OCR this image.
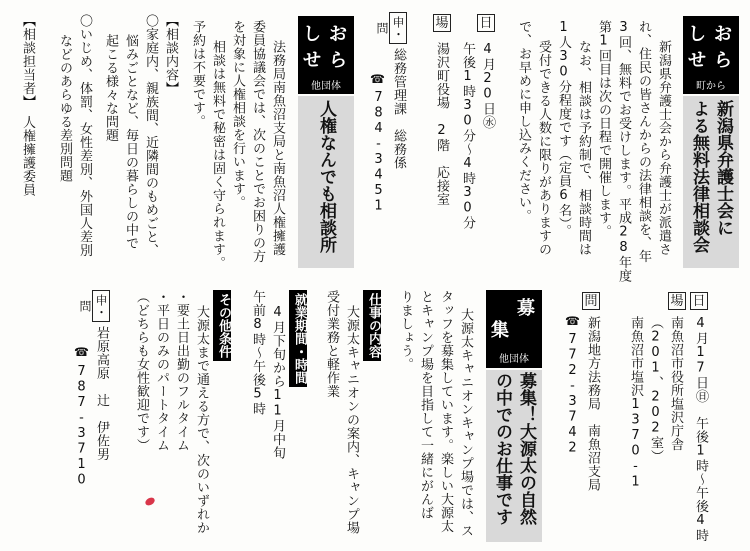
お
し
ら
せ
町から
新潟県弁護士会に
よる無料法律相談会
新潟県弁護士会から弁護士が派遣さ
れ、住民の皆さんからの法律相談を、年
3回、無料でお受けします。平成28年度
第1回目は次の日程で開催します。
なお、相談は予約制で、相談時間は
1人30分程度です（定員6名）。
受付できる人数に限りがありますの
で、お早めに申し込みください。
日
4月20日㊌
午後1時30分〜4時30分
場
湯沢町役場　2階　応接室
申・問
総務管理課　総務係
☎
784-3451
お
し
ら
せ
他団体
人権なんでも相談所
法務局南魚沼支局と南魚沼人権擁護
委員協議会では、次のことでお困りの方
を対象に人権相談を行います。
相談は無料で秘密は固く守られます。
予約は不要です。
【相談内容】
〇家庭内、親族間、近隣間のもめごと、
悩みごとなど、毎日の暮らしの中で
起こる様々な問題
〇いじめ、体罰、女性差別、外国人差別
などのあらゆる差別問題
【相談担当者】　人権擁護委員
日
4月17日㊐　午後1時〜午後4時
場
南魚沼市役所塩沢庁舎
（201、202室）
南魚沼市塩沢1370-1
問
新潟地方法務局　南魚沼支局
☎
772-3742
募
集
他団体
募集！大源太の自然
の中でのお仕事です
大源太キャニオンキャンプ場では、ス
タッフを募集しています。楽しい大源太
とキャンプ場を目指して一緒にがんば
りましょう。
仕事の内容
大源太キャニオンの案内、キャンプ場
受付業務と軽作業
就業期間・時間
4月下旬から11月中旬
午前8時〜午後5時
その他条件
大源太まで通える方で、次のいずれか
・要土日出勤のフルタイム
・平日のみのパートタイム
（どちらも女性歓迎です）
申・問
岩原高原　辻　伊佐男
☎
787-3710
